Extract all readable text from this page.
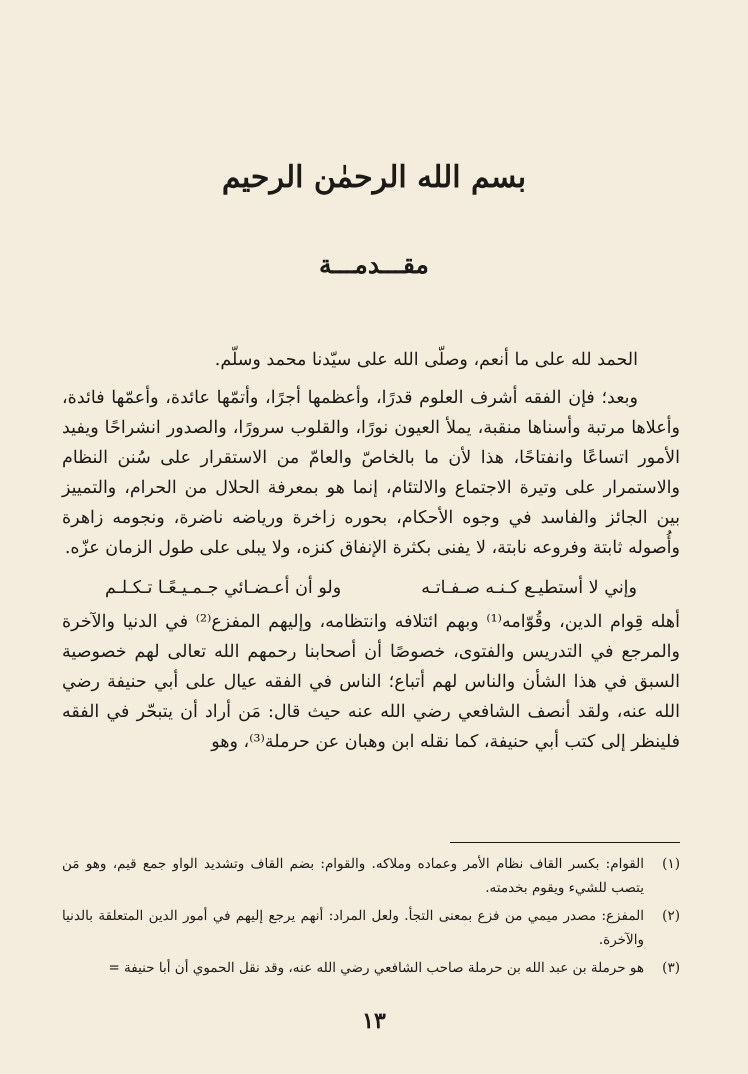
بسم الله الرحمٰن الرحيم
مقـــدمـــة

الحمد لله على ما أنعم، وصلّى الله على سيّدنا محمد وسلّم.

وبعد؛ فإن الفقه أشرف العلوم قدرًا، وأعظمها أجرًا، وأتمّها عائدة، وأعمّها فائدة، وأعلاها مرتبة وأسناها منقبة، يملأ العيون نورًا، والقلوب سرورًا، والصدور انشراحًا ويفيد الأمور اتساعًا وانفتاحًا، هذا لأن ما بالخاصّ والعامّ من الاستقرار على سُنن النظام والاستمرار على وتيرة الاجتماع والالتئام، إنما هو بمعرفة الحلال من الحرام، والتمييز بين الجائز والفاسد في وجوه الأحكام، بحوره زاخرة ورياضه ناضرة، ونجومه زاهرة وأُصوله ثابتة وفروعه نابتة، لا يفنى بكثرة الإنفاق كنزه، ولا يبلى على طول الزمان عزّه.

وإني لا أستطيـع كـنـه صـفـاتـه
ولو أن أعـضـائي جـمـيـعًـا تـكـلـم

أهله قِوام الدين، وقُوّامه⁽¹⁾ وبهم ائتلافه وانتظامه، وإليهم المفزع⁽²⁾ في الدنيا والآخرة والمرجع في التدريس والفتوى، خصوصًا أن أصحابنا رحمهم الله تعالى لهم خصوصية السبق في هذا الشأن والناس لهم أتباع؛ الناس في الفقه عيال على أبي حنيفة رضي الله عنه، ولقد أنصف الشافعي رضي الله عنه حيث قال: مَن أراد أن يتبحّر في الفقه فلينظر إلى كتب أبي حنيفة، كما نقله ابن وهبان عن حرملة⁽³⁾، وهو

(١)
القوام: بكسر القاف نظام الأمر وعماده وملاكه. والقوام: بضم القاف وتشديد الواو جمع قيم، وهو مَن يتصب للشيء ويقوم بخدمته.
(٢)
المفزع: مصدر ميمي من فزع بمعنى التجأ. ولعل المراد: أنهم يرجع إليهم في أمور الدين المتعلقة بالدنيا والآخرة.
(٣)
هو حرملة بن عبد الله بن حرملة صاحب الشافعي رضي الله عنه، وقد نقل الحموي أن أبا حنيفة =
١٣
